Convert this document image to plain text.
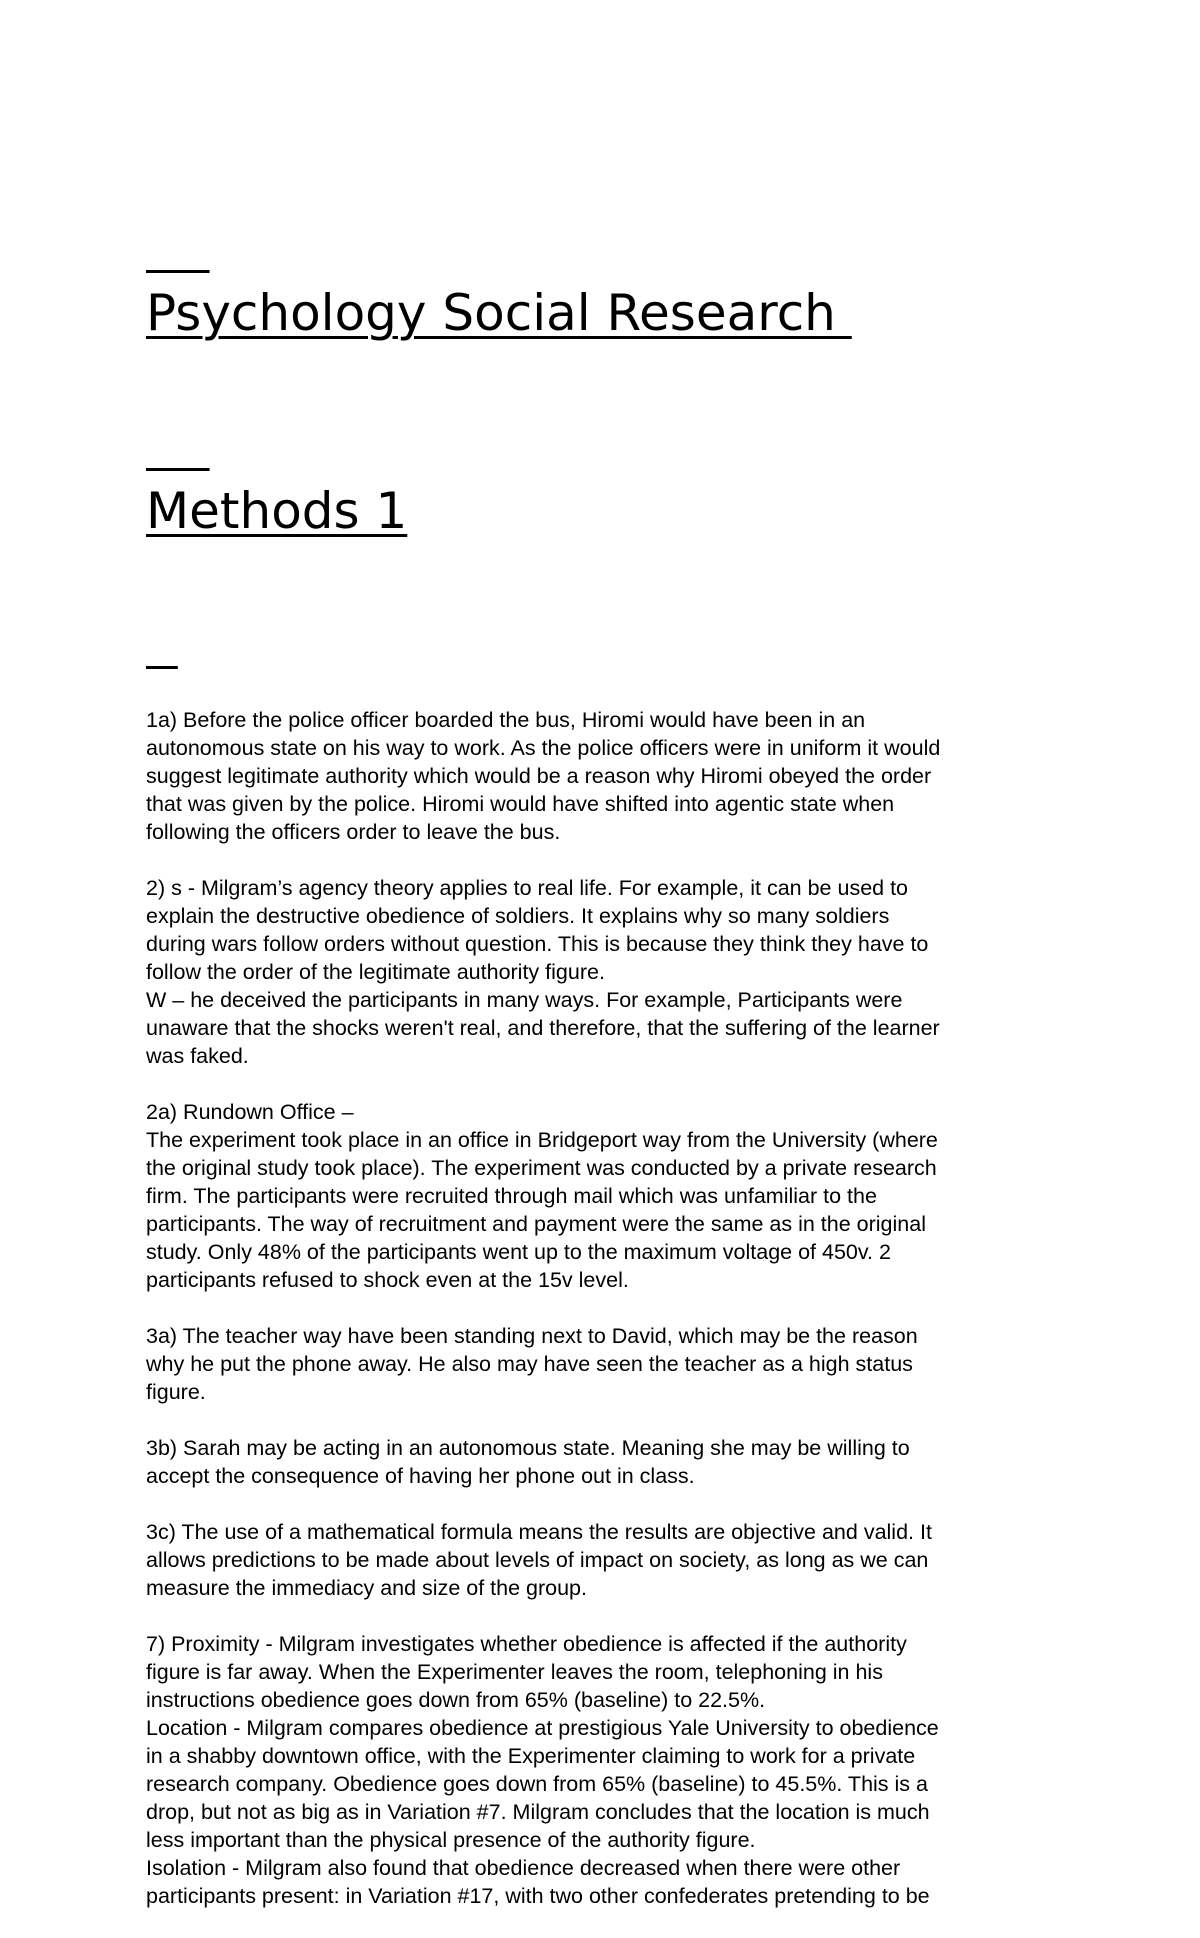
Psychology Social Research

Methods 1

1a) Before the police officer boarded the bus, Hiromi would have been in an
autonomous state on his way to work. As the police officers were in uniform it would
suggest legitimate authority which would be a reason why Hiromi obeyed the order
that was given by the police. Hiromi would have shifted into agentic state when
following the officers order to leave the bus.

2) s - Milgram’s agency theory applies to real life. For example, it can be used to
explain the destructive obedience of soldiers. It explains why so many soldiers
during wars follow orders without question. This is because they think they have to
follow the order of the legitimate authority figure.
W – he deceived the participants in many ways. For example, Participants were
unaware that the shocks weren't real, and therefore, that the suffering of the learner
was faked.

2a) Rundown Office –
The experiment took place in an office in Bridgeport way from the University (where
the original study took place). The experiment was conducted by a private research
firm. The participants were recruited through mail which was unfamiliar to the
participants. The way of recruitment and payment were the same as in the original
study. Only 48% of the participants went up to the maximum voltage of 450v. 2
participants refused to shock even at the 15v level.

3a) The teacher way have been standing next to David, which may be the reason
why he put the phone away. He also may have seen the teacher as a high status
figure.

3b) Sarah may be acting in an autonomous state. Meaning she may be willing to
accept the consequence of having her phone out in class.

3c) The use of a mathematical formula means the results are objective and valid. It
allows predictions to be made about levels of impact on society, as long as we can
measure the immediacy and size of the group.

7) Proximity - Milgram investigates whether obedience is affected if the authority
figure is far away. When the Experimenter leaves the room, telephoning in his
instructions obedience goes down from 65% (baseline) to 22.5%.
Location - Milgram compares obedience at prestigious Yale University to obedience
in a shabby downtown office, with the Experimenter claiming to work for a private
research company. Obedience goes down from 65% (baseline) to 45.5%. This is a
drop, but not as big as in Variation #7. Milgram concludes that the location is much
less important than the physical presence of the authority figure.
Isolation - Milgram also found that obedience decreased when there were other
participants present: in Variation #17, with two other confederates pretending to be
